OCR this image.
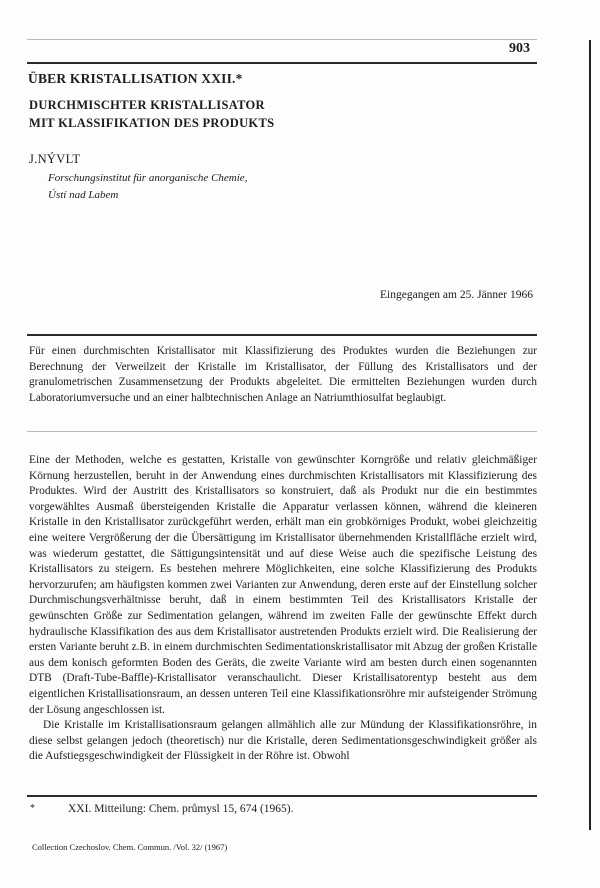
903
ÜBER KRISTALLISATION XXII.*
DURCHMISCHTER KRISTALLISATOR
MIT KLASSIFIKATION DES PRODUKTS
J.NÝVLT
Forschungsinstitut für anorganische Chemie,
Ústí nad Labem
Eingegangen am 25. Jänner 1966
Für einen durchmischten Kristallisator mit Klassifizierung des Produktes wurden die Beziehungen zur Berechnung der Verweilzeit der Kristalle im Kristallisator, der Füllung des Kristallisators und der granulometrischen Zusammensetzung der Produkts abgeleitet. Die ermittelten Beziehungen wurden durch Laboratoriumversuche und an einer halbtechnischen Anlage an Natriumthiosulfat beglaubigt.

Eine der Methoden, welche es gestatten, Kristalle von gewünschter Korngröße und relativ gleichmäßiger Körnung herzustellen, beruht in der Anwendung eines durchmischten Kristallisators mit Klassifizierung des Produktes. Wird der Austritt des Kristallisators so konstruiert, daß als Produkt nur die ein bestimmtes vorgewähltes Ausmaß übersteigenden Kristalle die Apparatur verlassen können, während die kleineren Kristalle in den Kristallisator zurückgeführt werden, erhält man ein grobkörniges Produkt, wobei gleichzeitig eine weitere Vergrößerung der die Übersättigung im Kristallisator übernehmenden Kristallfläche erzielt wird, was wiederum gestattet, die Sättigungsintensität und auf diese Weise auch die spezifische Leistung des Kristallisators zu steigern. Es bestehen mehrere Möglichkeiten, eine solche Klassifizierung des Produkts hervorzurufen; am häufigsten kommen zwei Varianten zur Anwendung, deren erste auf der Einstellung solcher Durchmischungsverhältnisse beruht, daß in einem bestimmten Teil des Kristallisators Kristalle der gewünschten Größe zur Sedimentation gelangen, während im zweiten Falle der gewünschte Effekt durch hydraulische Klassifikation des aus dem Kristallisator austretenden Produkts erzielt wird. Die Realisierung der ersten Variante beruht z.B. in einem durchmischten Sedimentationskristallisator mit Abzug der großen Kristalle aus dem konisch geformten Boden des Geräts, die zweite Variante wird am besten durch einen sogenannten DTB (Draft-Tube-Baffle)-Kristallisator veranschaulicht. Dieser Kristallisatorentyp besteht aus dem eigentlichen Kristallisationsraum, an dessen unteren Teil eine Klassifikationsröhre mir aufsteigender Strömung der Lösung angeschlossen ist.

Die Kristalle im Kristallisationsraum gelangen allmählich alle zur Mündung der Klassifikationsröhre, in diese selbst gelangen jedoch (theoretisch) nur die Kristalle, deren Sedimentationsgeschwindigkeit größer als die Aufstiegsgeschwindigkeit der Flüssigkeit in der Röhre ist. Obwohl

*	XXI. Mitteilung: Chem. průmysl 15, 674 (1965).
Collection Czechoslov. Chem. Commun. /Vol. 32/ (1967)
